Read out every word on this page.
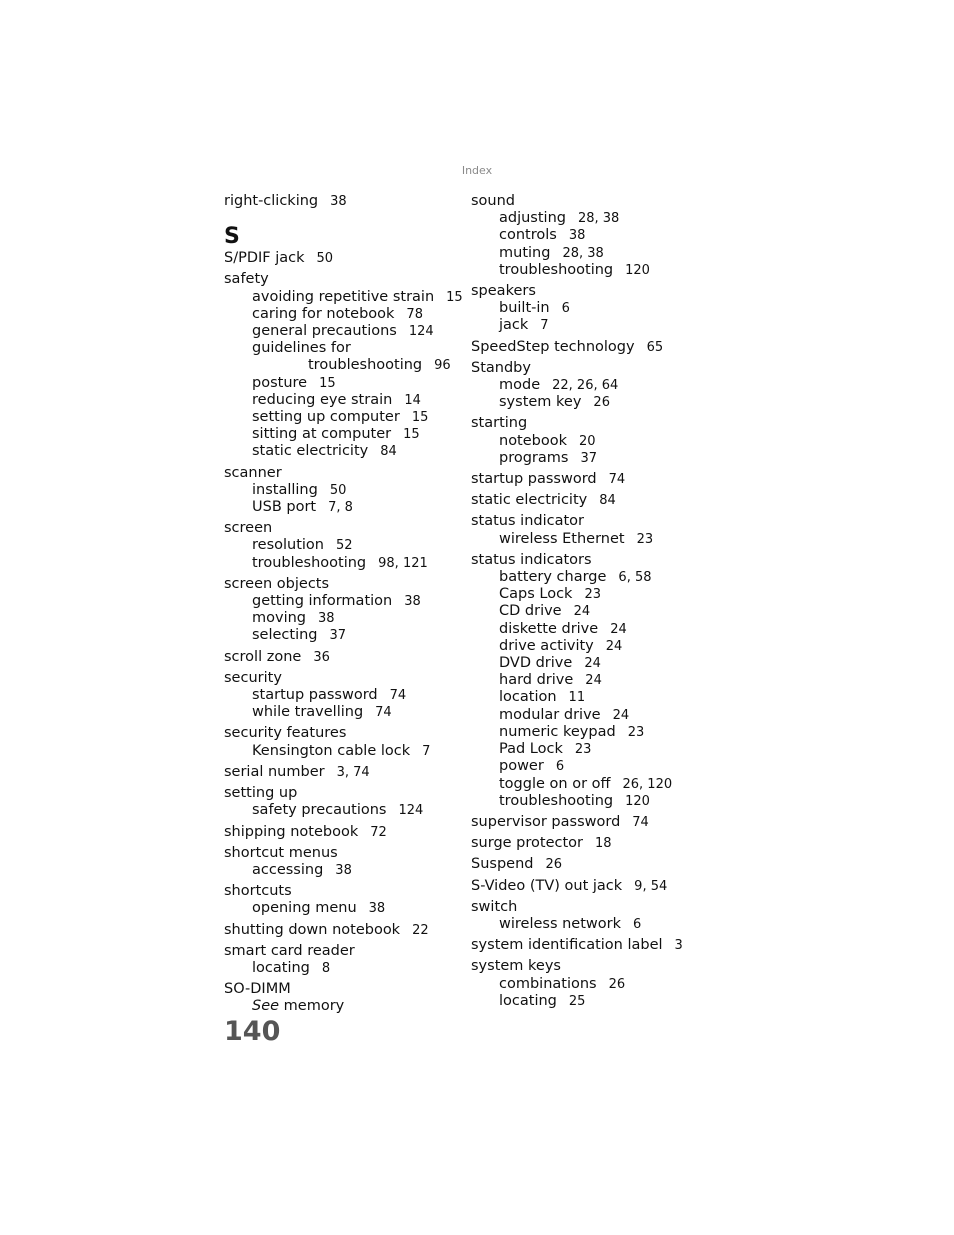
Index
right-clicking 38
S
S/PDIF jack 50
safety
avoiding repetitive strain 15
caring for notebook 78
general precautions 124
guidelines for troubleshooting 96
posture 15
reducing eye strain 14
setting up computer 15
sitting at computer 15
static electricity 84
scanner
installing 50
USB port 7, 8
screen
resolution 52
troubleshooting 98, 121
screen objects
getting information 38
moving 38
selecting 37
scroll zone 36
security
startup password 74
while travelling 74
security features
Kensington cable lock 7
serial number 3, 74
setting up
safety precautions 124
shipping notebook 72
shortcut menus
accessing 38
shortcuts
opening menu 38
shutting down notebook 22
smart card reader
locating 8
SO-DIMM
See memory
sound
adjusting 28, 38
controls 38
muting 28, 38
troubleshooting 120
speakers
built-in 6
jack 7
SpeedStep technology 65
Standby
mode 22, 26, 64
system key 26
starting
notebook 20
programs 37
startup password 74
static electricity 84
status indicator
wireless Ethernet 23
status indicators
battery charge 6, 58
Caps Lock 23
CD drive 24
diskette drive 24
drive activity 24
DVD drive 24
hard drive 24
location 11
modular drive 24
numeric keypad 23
Pad Lock 23
power 6
toggle on or off 26, 120
troubleshooting 120
supervisor password 74
surge protector 18
Suspend 26
S-Video (TV) out jack 9, 54
switch
wireless network 6
system identification label 3
system keys
combinations 26
locating 25
140
